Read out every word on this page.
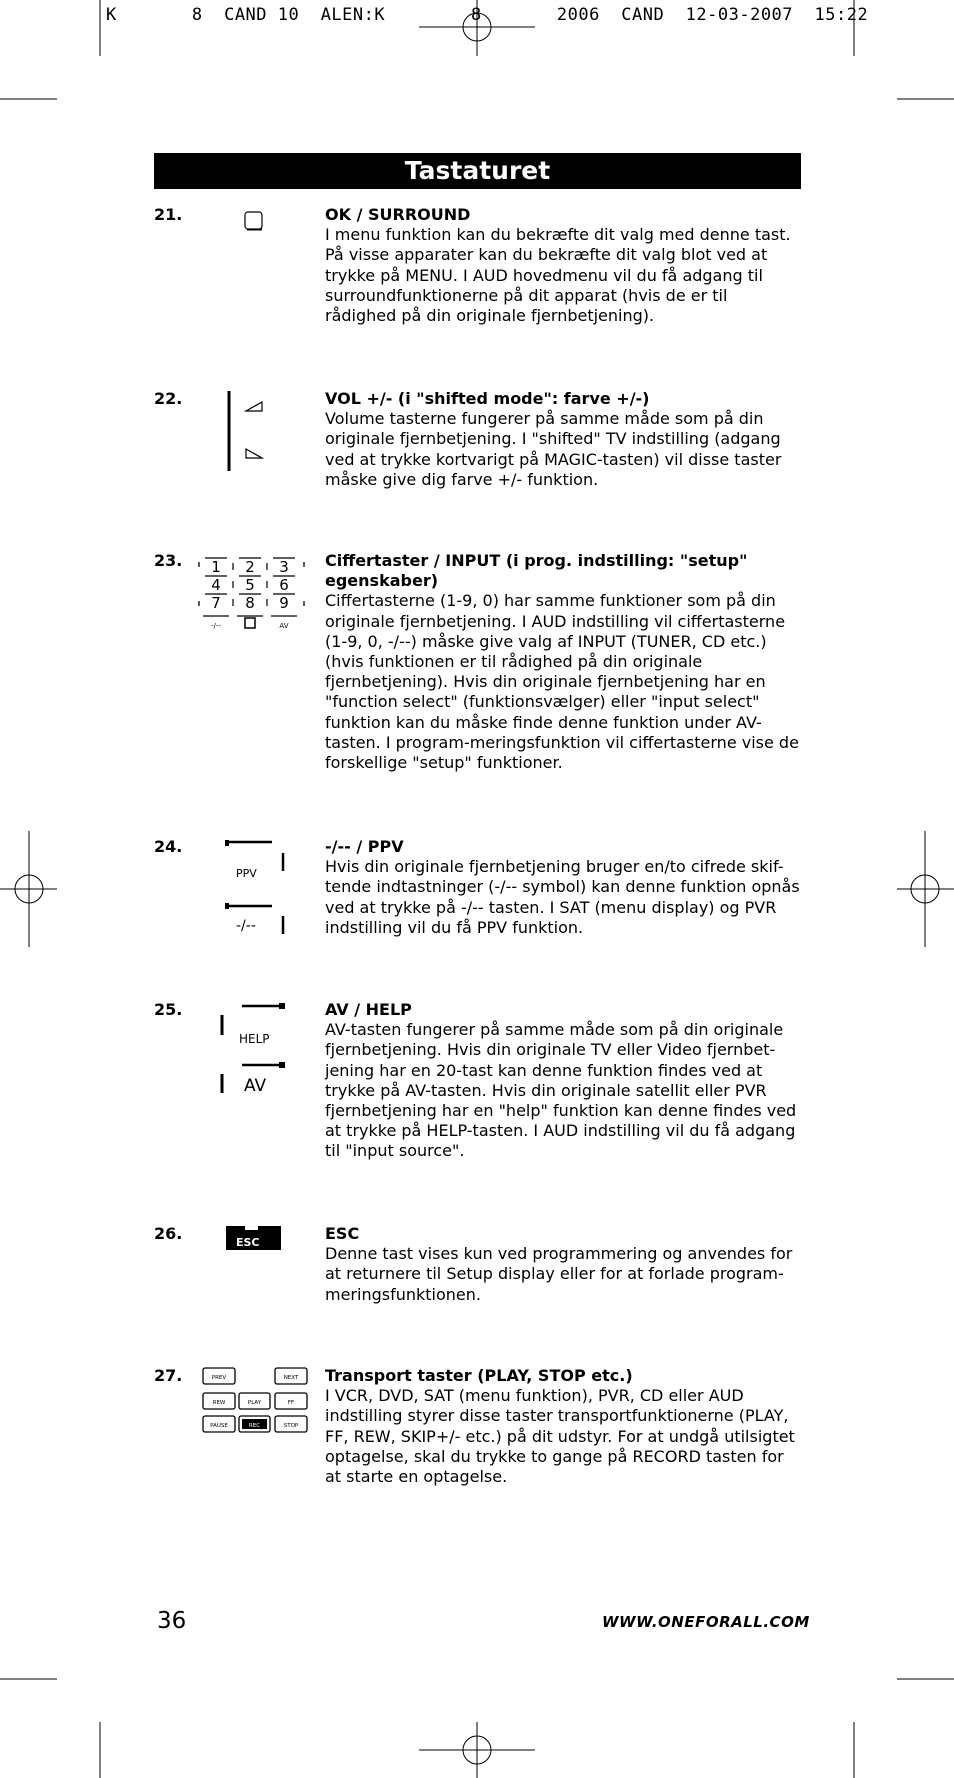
K       8  CAND 10  ALEN:K        8       2006  CAND  12-03-2007  15:22
Tastaturet
21.	OK / SURROUND

I menu funktion kan du bekræfte dit valg med denne tast. På visse apparater kan du bekræfte dit valg blot ved at trykke på MENU. I AUD hovedmenu vil du få adgang til surroundfunktionerne på dit apparat (hvis de er til rådighed på din originale fjernbetjening).

22.	VOL +/- (i "shifted mode": farve +/-)

Volume tasterne fungerer på samme måde som på din originale fjernbetjening. I "shifted" TV indstilling (adgang ved at trykke kortvarigt på MAGIC-tasten) vil disse taster måske give dig farve +/- funktion.

23. 1 2 3
4 5 6
7 8 9
-/--	AV
Ciffertaster / INPUT (i prog. indstilling: "setup" egenskaber)

Ciffertasterne (1-9, 0) har samme funktioner som på din originale fjernbetjening. I AUD indstilling vil ciffertasterne (1-9, 0, -/--) måske give valg af INPUT (TUNER, CD etc.) (hvis funktionen er til rådighed på din originale fjernbetjening). Hvis din originale fjernbetjening har en "function select" (funktionsvælger) eller "input select" funktion kan du måske finde denne funktion under AV-tasten. I program-meringsfunktion vil ciffertasterne vise de forskellige "setup" funktioner.

24.
PPV
-/--
-/-- / PPV

Hvis din originale fjernbetjening bruger en/to cifrede skif-tende indtastninger (-/-- symbol) kan denne funktion opnås ved at trykke på -/-- tasten. I SAT (menu display) og PVR indstilling vil du få PPV funktion.

25.
HELP
AV
AV / HELP

AV-tasten fungerer på samme måde som på din originale fjernbetjening. Hvis din originale TV eller Video fjernbet-jening har en 20-tast kan denne funktion findes ved at trykke på AV-tasten. Hvis din originale satellit eller PVR fjernbetjening har en "help" funktion kan denne findes ved at trykke på HELP-tasten. I AUD indstilling vil du få adgang til "input source".

26.	ESC	ESC

Denne tast vises kun ved programmering og anvendes for at returnere til Setup display eller for at forlade program-meringsfunktionen.

27.	PREV	NEXT
REW	PLAY	FF
PAUSE	REC	STOP
Transport taster (PLAY, STOP etc.)

I VCR, DVD, SAT (menu funktion), PVR, CD eller AUD indstilling styrer disse taster transportfunktionerne (PLAY, FF, REW, SKIP+/- etc.) på dit udstyr. For at undgå utilsigtet optagelse, skal du trykke to gange på RECORD tasten for at starte en optagelse.

36	WWW.ONEFORALL.COM
